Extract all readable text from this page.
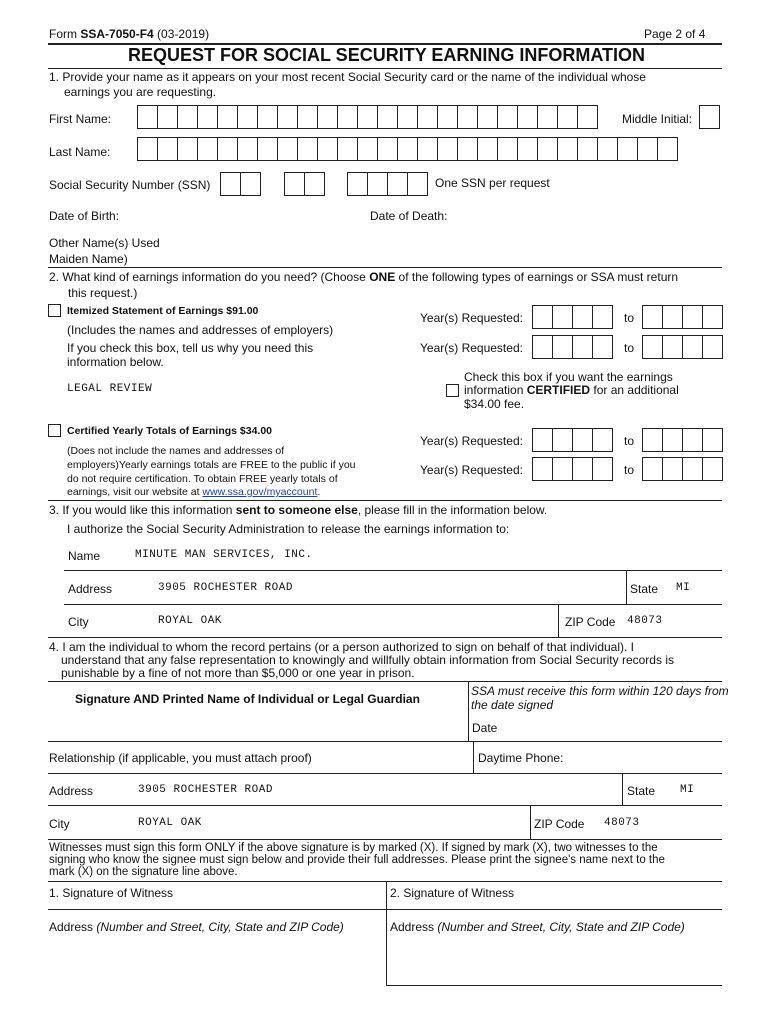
Form SSA-7050-F4 (03-2019)	Page 2 of 4
REQUEST FOR SOCIAL SECURITY EARNING INFORMATION
1. Provide your name as it appears on your most recent Social Security card or the name of the individual whose
earnings you are requesting.
First Name:	Middle Initial:
Last Name:
Social Security Number (SSN)	One SSN per request
Date of Birth:	Date of Death:
Other Name(s) Used
Maiden Name)
2. What kind of earnings information do you need? (Choose ONE of the following types of earnings or SSA must return
this request.)
Itemized Statement of Earnings $91.00
(Includes the names and addresses of employers)
If you check this box, tell us why you need this
information below.
LEGAL REVIEW
Year(s) Requested:	to
Year(s) Requested:	to
Check this box if you want the earnings
information CERTIFIED for an additional
$34.00 fee.
Certified Yearly Totals of Earnings $34.00
(Does not include the names and addresses of
employers)Yearly earnings totals are FREE to the public if you
do not require certification. To obtain FREE yearly totals of
earnings, visit our website at www.ssa.gov/myaccount.
Year(s) Requested:	to
Year(s) Requested:	to
3. If you would like this information sent to someone else, please fill in the information below.
I authorize the Social Security Administration to release the earnings information to:
Name	MINUTE MAN SERVICES, INC.
Address	3905 ROCHESTER ROAD	State MI
City	ROYAL OAK	ZIP Code 48073
4. I am the individual to whom the record pertains (or a person authorized to sign on behalf of that individual). I
understand that any false representation to knowingly and willfully obtain information from Social Security records is
punishable by a fine of not more than $5,000 or one year in prison.
Signature AND Printed Name of Individual or Legal Guardian
SSA must receive this form within 120 days from
the date signed
Date
Relationship (if applicable, you must attach proof)	Daytime Phone:
Address	3905 ROCHESTER ROAD	State MI
City	ROYAL OAK	ZIP Code 48073
Witnesses must sign this form ONLY if the above signature is by marked (X). If signed by mark (X), two witnesses to the
signing who know the signee must sign below and provide their full addresses. Please print the signee's name next to the
mark (X) on the signature line above.
1. Signature of Witness	2. Signature of Witness
Address (Number and Street, City, State and ZIP Code)	Address (Number and Street, City, State and ZIP Code)
